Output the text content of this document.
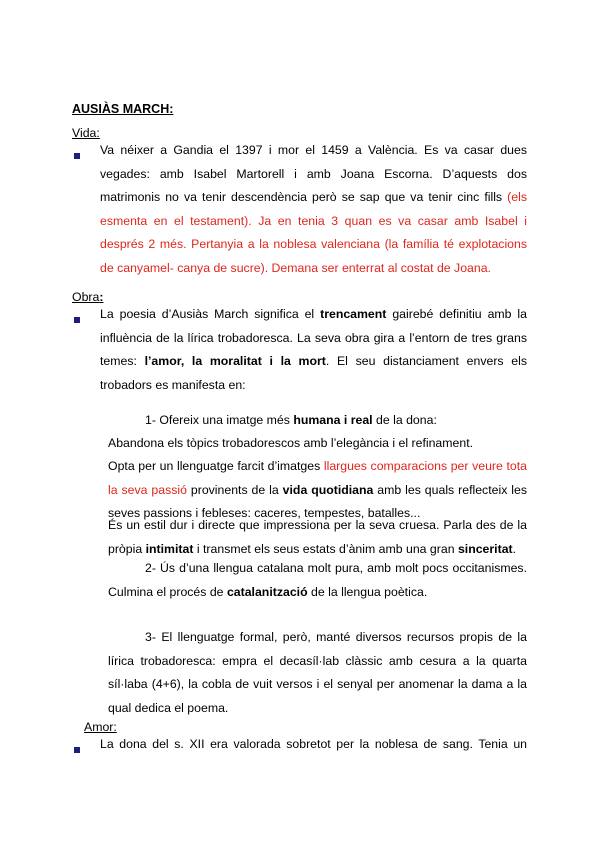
AUSIÀS MARCH:
Vida:
Va néixer a Gandia el 1397 i mor el 1459 a València. Es va casar dues vegades: amb Isabel Martorell i amb Joana Escorna. D’aquests dos matrimonis no va tenir descendència però se sap que va tenir cinc fills (els esmenta en el testament). Ja en tenia 3 quan es va casar amb Isabel i després 2 més. Pertanyia a la noblesa valenciana (la família té explotacions de canyamel- canya de sucre). Demana ser enterrat al costat de Joana.
Obra:
La poesia d’Ausiàs March significa el trencament gairebé definitiu amb la influència de la lírica trobadoresca. La seva obra gira a l’entorn de tres grans temes: l’amor, la moralitat i la mort. El seu distanciament envers els trobadors es manifesta en:
1- Ofereix una imatge més humana i real de la dona:
Abandona els tòpics trobadorescos amb l’elegància i el refinament.
Opta per un llenguatge farcit d’imatges llargues comparacions per veure tota la seva passió provinents de la vida quotidiana amb les quals reflecteix les seves passions i febleses: caceres, tempestes, batalles...
És un estil dur i directe que impressiona per la seva cruesa. Parla des de la pròpia intimitat i transmet els seus estats d’ànim amb una gran sinceritat.
2- Ús d’una llengua catalana molt pura, amb molt pocs occitanismes. Culmina el procés de catalanització de la llengua poètica.
3- El llenguatge formal, però, manté diversos recursos propis de la lírica trobadoresca: empra el decasíl·lab clàssic amb cesura a la quarta síl·laba (4+6), la cobla de vuit versos i el senyal per anomenar la dama a la qual dedica el poema.
Amor:
La dona del s. XII era valorada sobretot per la noblesa de sang. Tenia un
